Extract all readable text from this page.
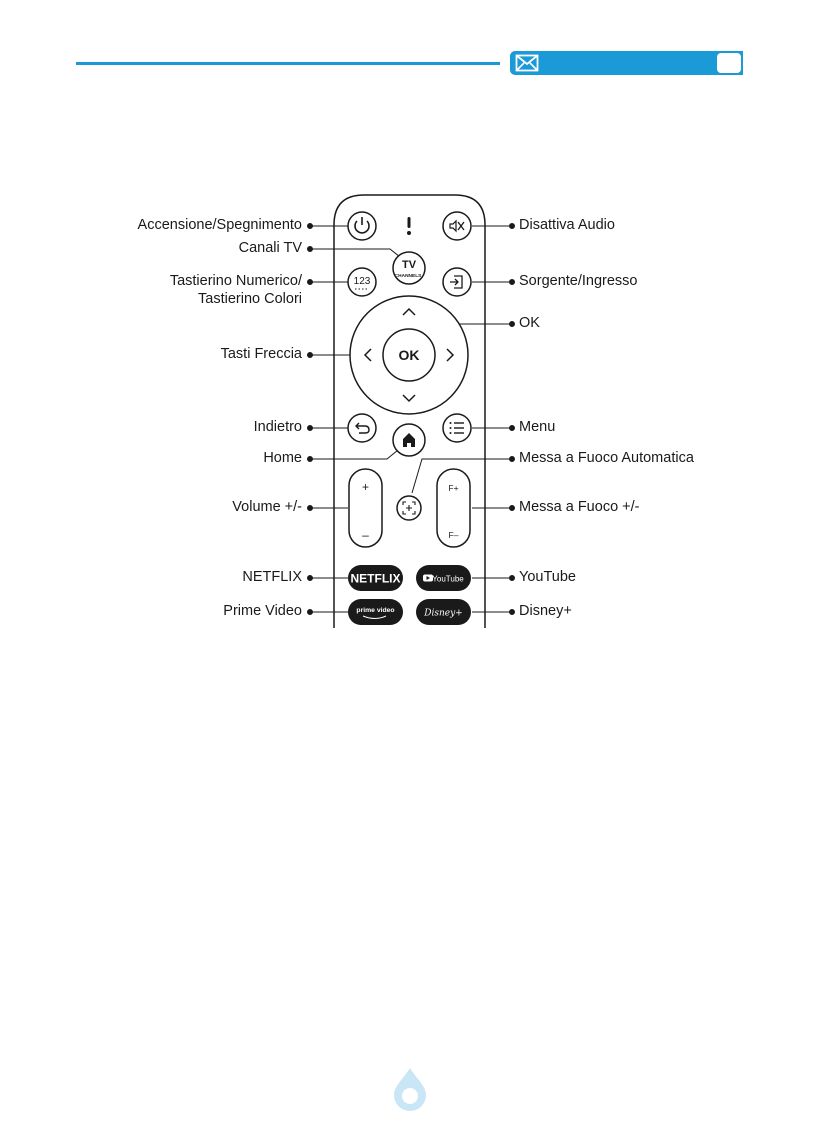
TV
CHANNELS
123
OK
+
–
F+
F–
NETFLIX	YouTube
prime video	Disney+
Accensione/Spegnimento
Canali TV
Tastierino Numerico/
Tastierino Colori
Tasti Freccia
Indietro
Home
Volume +/-
NETFLIX
Prime Video
Disattiva Audio
Sorgente/Ingresso
OK
Menu
Messa a Fuoco Automatica
Messa a Fuoco +/-
YouTube
Disney+
